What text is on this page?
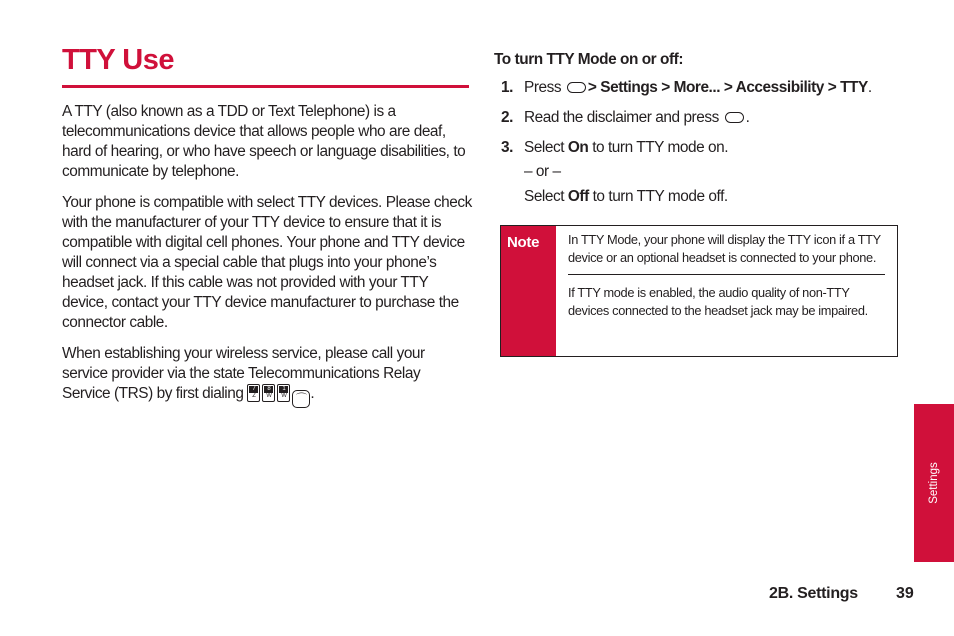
TTY Use

A TTY (also known as a TDD or Text Telephone) is a telecommunications device that allows people who are deaf, hard of hearing, or who have speech or language disabilities, to communicate by telephone.

Your phone is compatible with select TTY devices. Please check with the manufacturer of your TTY device to ensure that it is compatible with digital cell phones. Your phone and TTY device will connect via a special cable that plugs into your phone’s headset jack. If this cable was not provided with your TTY device, contact your TTY device manufacturer to purchase the connector cable.

When establishing your wireless service, please call your service provider via the state Telecommunications Relay Service (TRS) by first dialing	7
Z
8
W
1
W ⌒ .

To turn TTY Mode on or off:
1. Press > Settings > More... > Accessibility > TTY.
2. Read the disclaimer and press .
3. Select On to turn TTY mode on.
– or –
Select Off to turn TTY mode off.
Note	In TTY Mode, your phone will display the TTY icon if a TTY device or an optional headset is connected to your phone.

If TTY mode is enabled, the audio quality of non-TTY devices connected to the headset jack may be impaired.

Settings
2B. Settings 39
